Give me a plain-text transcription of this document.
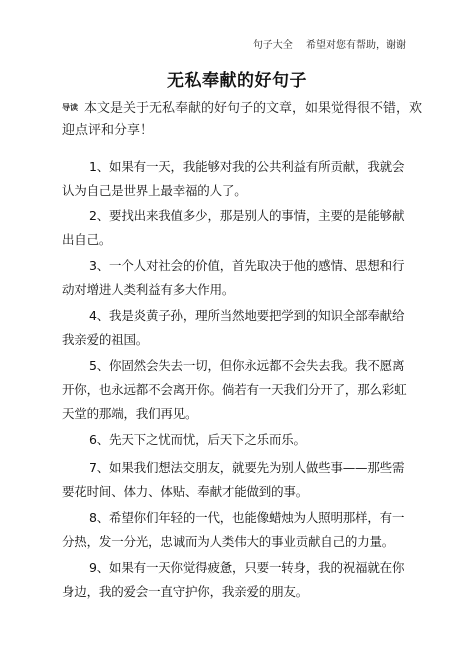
句子大全 希望对您有帮助，谢谢
无私奉献的好句子
导读 本文是关于无私奉献的好句子的文章，如果觉得很不错，欢迎点评和分享！
1、如果有一天，我能够对我的公共利益有所贡献，我就会认为自己是世界上最幸福的人了。
2、要找出来我值多少，那是别人的事情，主要的是能够献出自己。
3、一个人对社会的价值，首先取决于他的感情、思想和行动对增进人类利益有多大作用。
4、我是炎黄子孙，理所当然地要把学到的知识全部奉献给我亲爱的祖国。
5、你固然会失去一切，但你永远都不会失去我。我不愿离开你，也永远都不会离开你。倘若有一天我们分开了，那么彩虹天堂的那端，我们再见。
6、先天下之忧而忧，后天下之乐而乐。
7、如果我们想法交朋友，就要先为别人做些事——那些需要花时间、体力、体贴、奉献才能做到的事。
8、希望你们年轻的一代，也能像蜡烛为人照明那样，有一分热，发一分光，忠诚而为人类伟大的事业贡献自己的力量。
9、如果有一天你觉得疲惫，只要一转身，我的祝福就在你身边，我的爱会一直守护你，我亲爱的朋友。
